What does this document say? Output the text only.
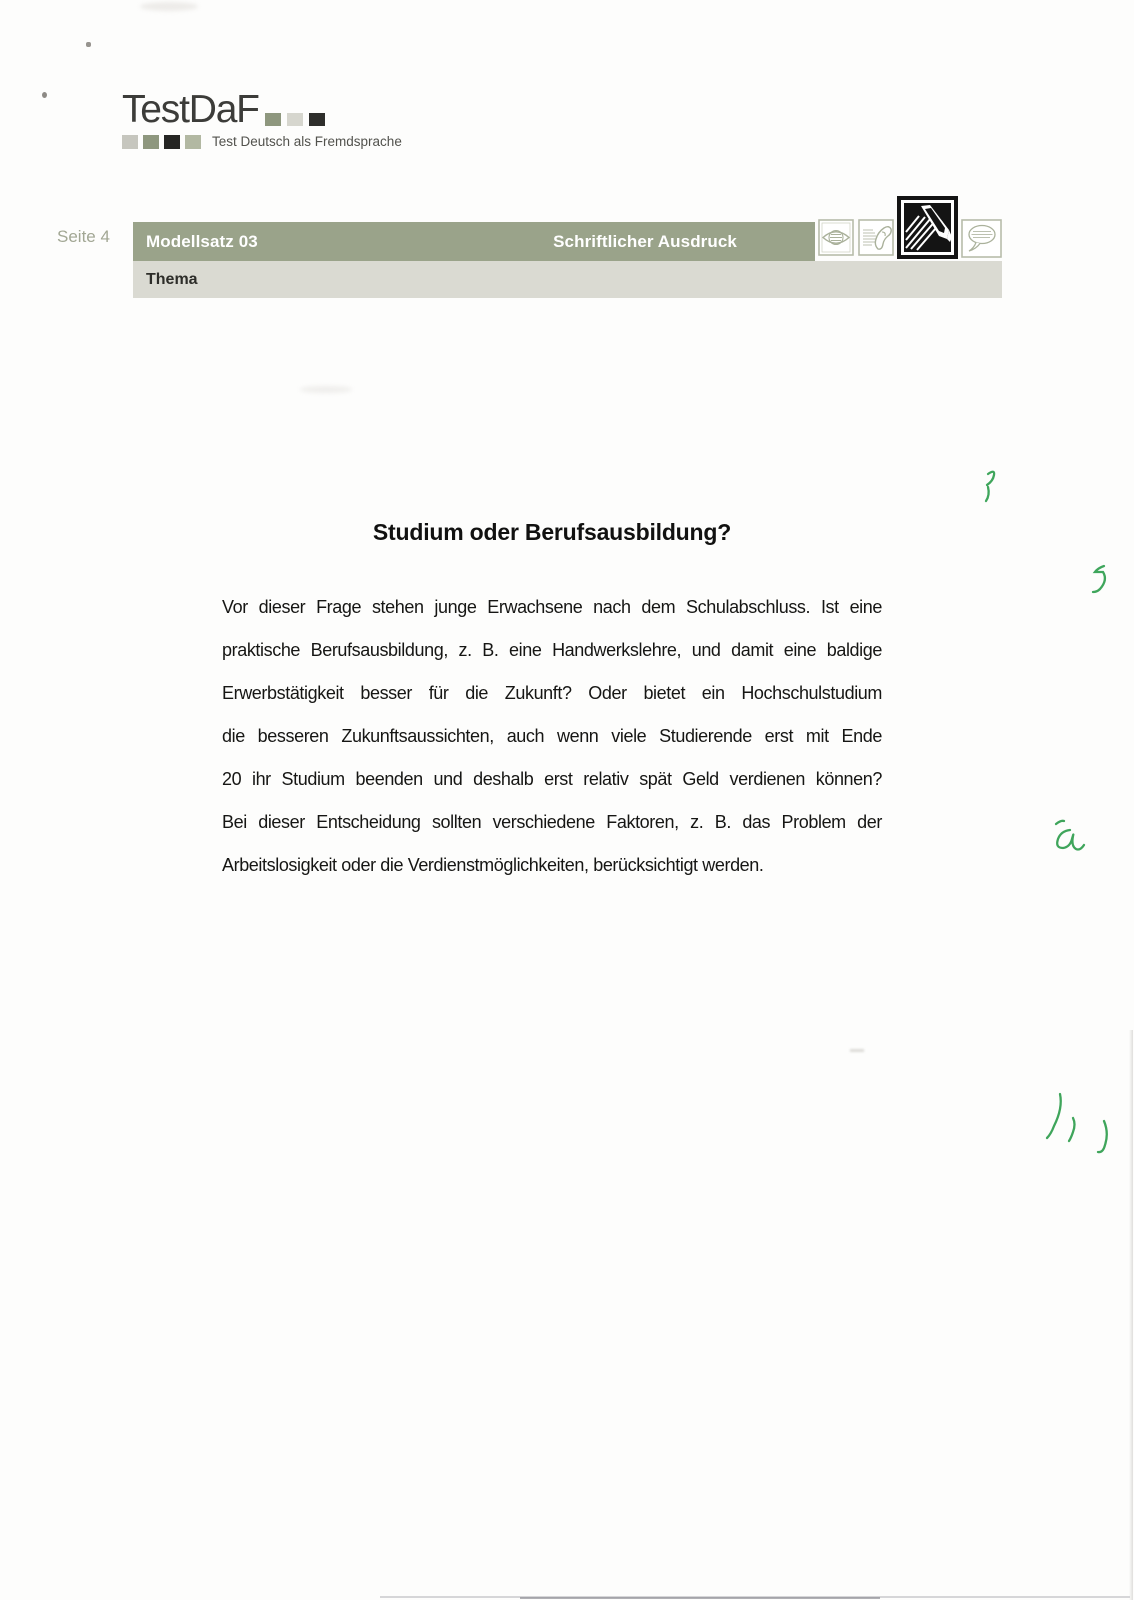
TestDaF
Test Deutsch als Fremdsprache
Seite 4 Modellsatz 03	Schriftlicher Ausdruck
Thema
Studium oder Berufsausbildung?
Vor dieser Frage stehen junge Erwachsene nach dem Schulabschluss. Ist eine
praktische Berufsausbildung, z. B. eine Handwerkslehre, und damit eine baldige
Erwerbstätigkeit besser für die Zukunft? Oder bietet ein Hochschulstudium
die besseren Zukunftsaussichten, auch wenn viele Studierende erst mit Ende
20 ihr Studium beenden und deshalb erst relativ spät Geld verdienen können?
Bei dieser Entscheidung sollten verschiedene Faktoren, z. B. das Problem der
Arbeitslosigkeit oder die Verdienstmöglichkeiten, berücksichtigt werden.
